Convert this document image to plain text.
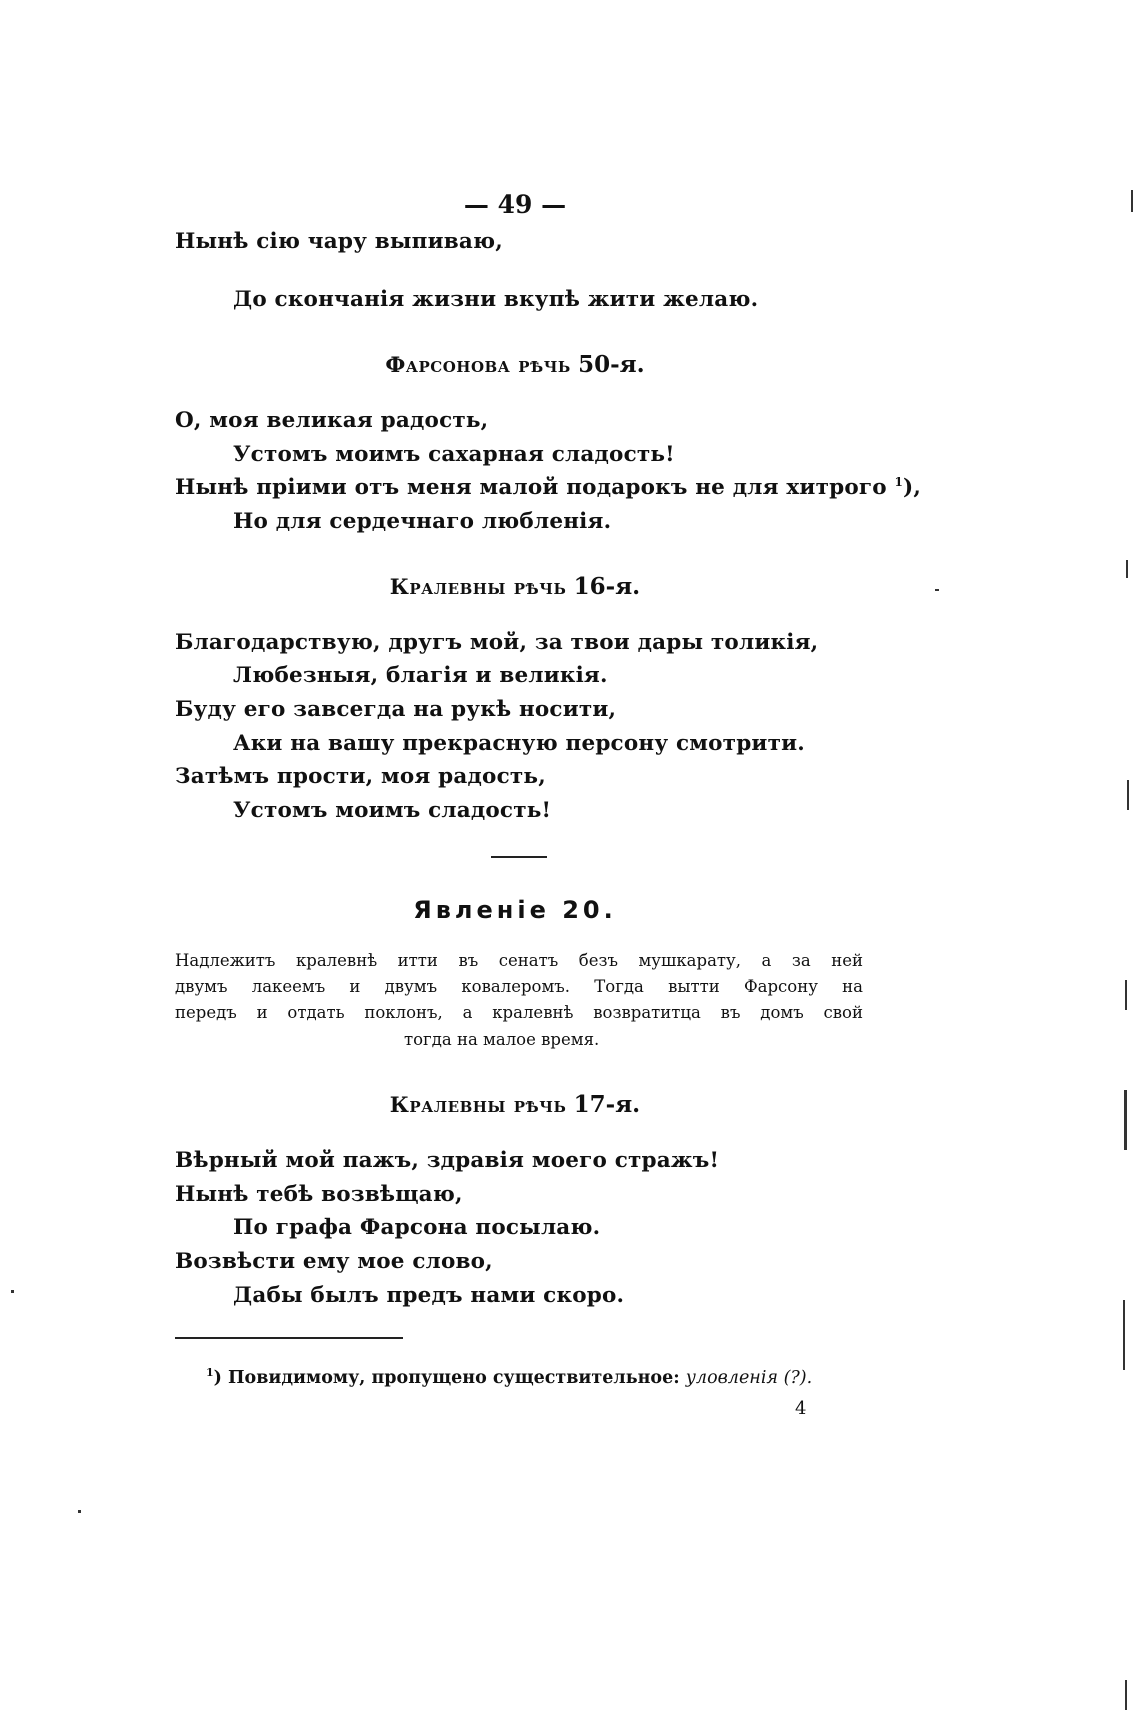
— 49 —
Нынѣ сію чару выпиваю,
До скончанія жизни вкупѣ жити желаю.
Фарсонова рѣчь 50-я.
О, моя великая радость,
Устомъ моимъ сахарная сладость!
Нынѣ пріими отъ меня малой подарокъ не для хитрого $^1$),
Но для сердечнаго любленія.
Кралевны рѣчь 16-я.
Благодарствую, другъ мой, за твои дары толикія,
Любезныя, благія и великія.
Буду его завсегда на рукѣ носити,
Аки на вашу прекрасную персону смотрити.
Затѣмъ прости, моя радость,
Устомъ моимъ сладость!
Явленіе 20.
Надлежитъ кралевнѣ итти въ сенатъ безъ мушкарату, а за ней
двумъ лакеемъ и двумъ ковалеромъ. Тогда вытти Фарсону на
передъ и отдать поклонъ, а кралевнѣ возвратитца въ домъ свой
тогда на малое время.
Кралевны рѣчь 17-я.
Вѣрный мой пажъ, здравія моего стражъ!
Нынѣ тебѣ возвѣщаю,
По графа Фарсона посылаю.
Возвѣсти ему мое слово,
Дабы былъ предъ нами скоро.
$^1$) Повидимому, пропущено существительное: уловленія (?).
4
